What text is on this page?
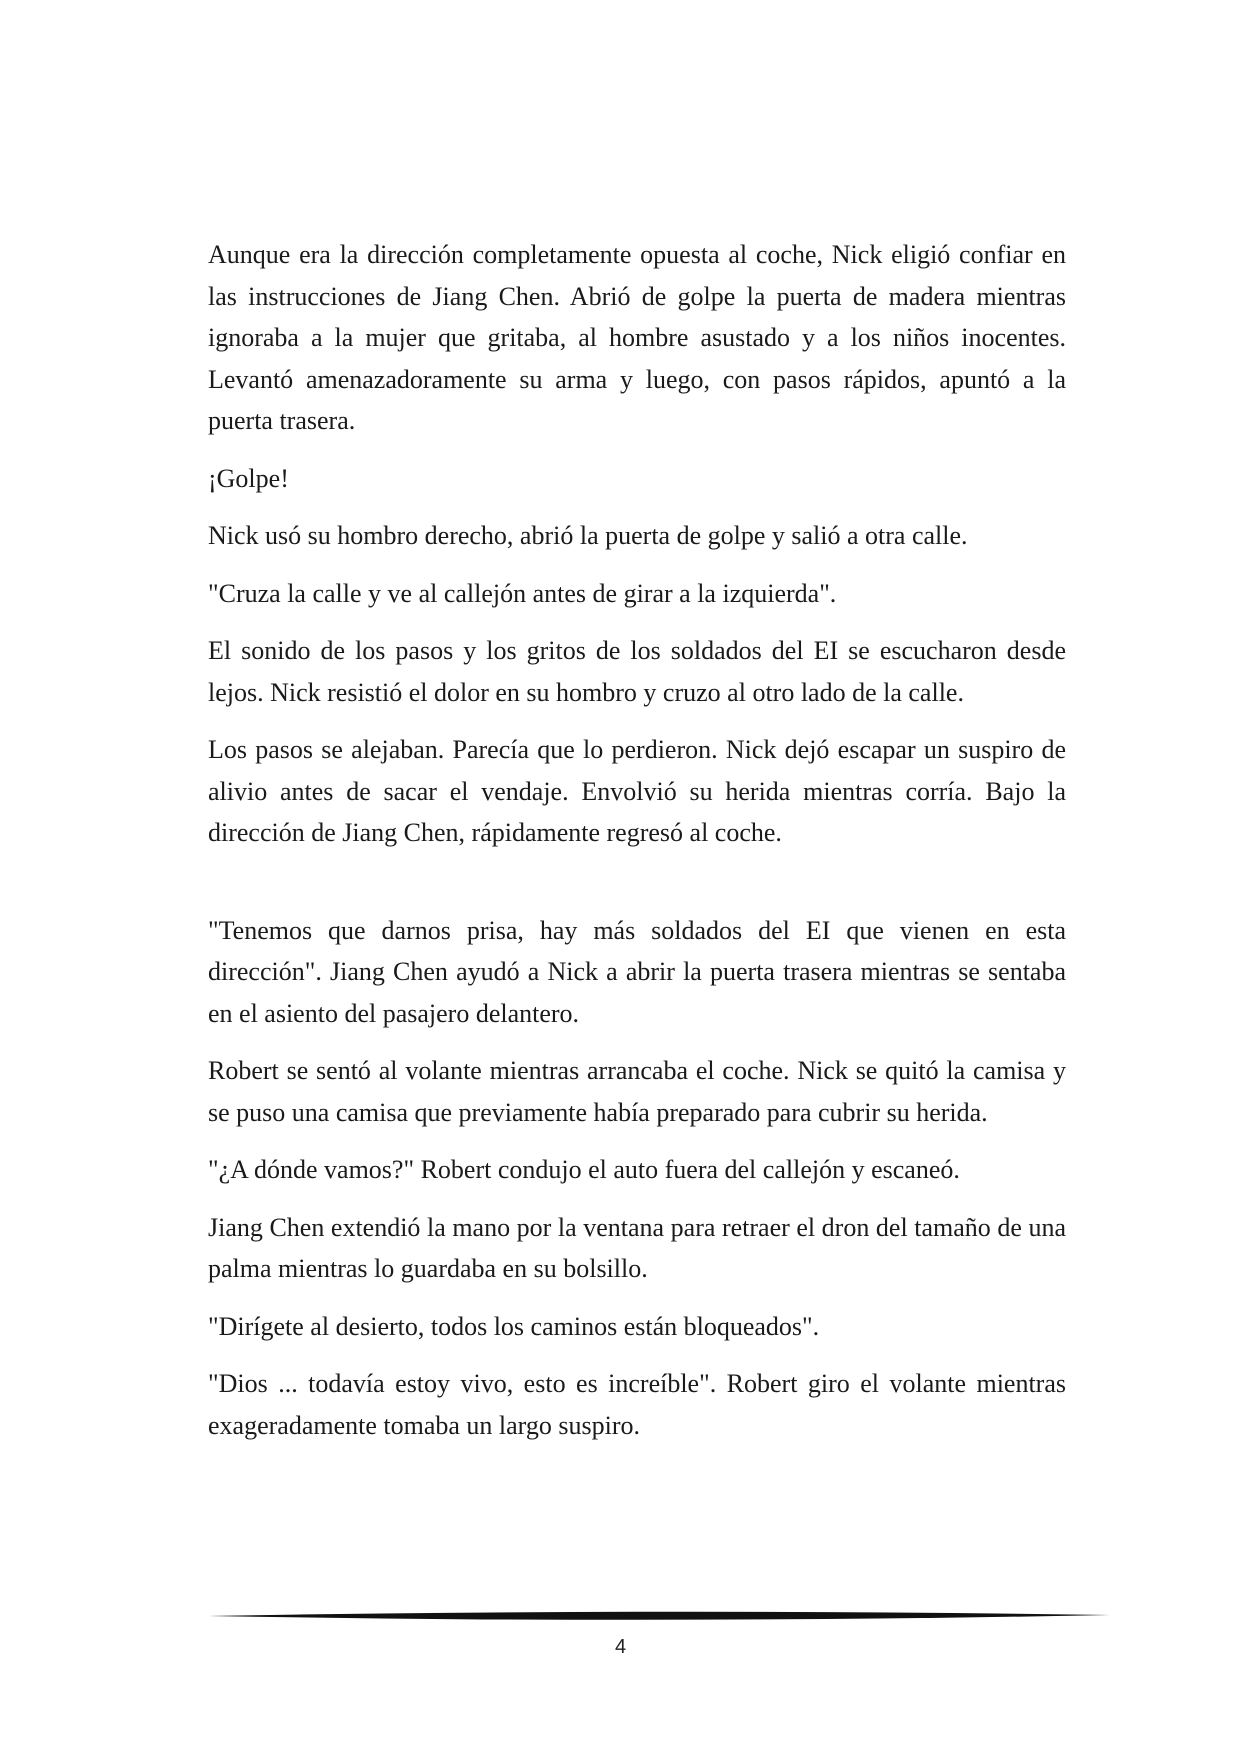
Aunque era la dirección completamente opuesta al coche, Nick eligió confiar en las instrucciones de Jiang Chen. Abrió de golpe la puerta de madera mientras ignoraba a la mujer que gritaba, al hombre asustado y a los niños inocentes. Levantó amenazadoramente su arma y luego, con pasos rápidos, apuntó a la puerta trasera.

¡Golpe!

Nick usó su hombro derecho, abrió la puerta de golpe y salió a otra calle.

"Cruza la calle y ve al callejón antes de girar a la izquierda".

El sonido de los pasos y los gritos de los soldados del EI se escucharon desde lejos. Nick resistió el dolor en su hombro y cruzo al otro lado de la calle.

Los pasos se alejaban. Parecía que lo perdieron. Nick dejó escapar un suspiro de alivio antes de sacar el vendaje. Envolvió su herida mientras corría. Bajo la dirección de Jiang Chen, rápidamente regresó al coche.

"Tenemos que darnos prisa, hay más soldados del EI que vienen en esta dirección". Jiang Chen ayudó a Nick a abrir la puerta trasera mientras se sentaba en el asiento del pasajero delantero.

Robert se sentó al volante mientras arrancaba el coche. Nick se quitó la camisa y se puso una camisa que previamente había preparado para cubrir su herida.

"¿A dónde vamos?" Robert condujo el auto fuera del callejón y escaneó.

Jiang Chen extendió la mano por la ventana para retraer el dron del tamaño de una palma mientras lo guardaba en su bolsillo.

"Dirígete al desierto, todos los caminos están bloqueados".

"Dios ... todavía estoy vivo, esto es increíble". Robert giro el volante mientras exageradamente tomaba un largo suspiro.

4
